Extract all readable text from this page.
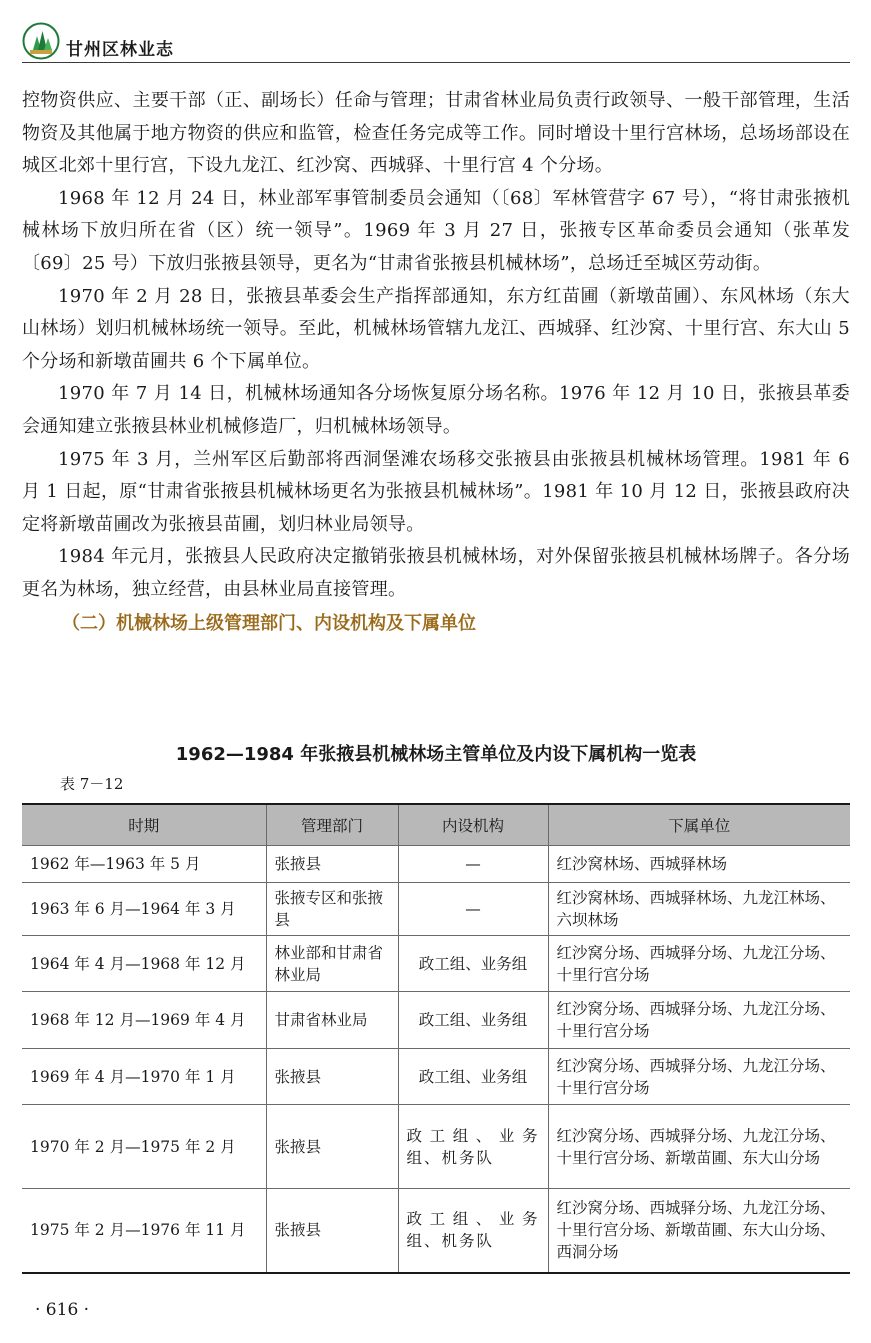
甘州区林业志

控物资供应、主要干部（正、副场长）任命与管理；甘肃省林业局负责行政领导、一般干部管理，生活物资及其他属于地方物资的供应和监管，检查任务完成等工作。同时增设十里行宫林场，总场场部设在城区北郊十里行宫，下设九龙江、红沙窝、西城驿、十里行宫 4 个分场。

1968 年 12 月 24 日，林业部军事管制委员会通知（〔68〕军林管营字 67 号），“将甘肃张掖机械林场下放归所在省（区）统一领导”。1969 年 3 月 27 日，张掖专区革命委员会通知（张革发〔69〕25 号）下放归张掖县领导，更名为“甘肃省张掖县机械林场”，总场迁至城区劳动街。

1970 年 2 月 28 日，张掖县革委会生产指挥部通知，东方红苗圃（新墩苗圃）、东风林场（东大山林场）划归机械林场统一领导。至此，机械林场管辖九龙江、西城驿、红沙窝、十里行宫、东大山 5 个分场和新墩苗圃共 6 个下属单位。

1970 年 7 月 14 日，机械林场通知各分场恢复原分场名称。1976 年 12 月 10 日，张掖县革委会通知建立张掖县林业机械修造厂，归机械林场领导。

1975 年 3 月，兰州军区后勤部将西洞堡滩农场移交张掖县由张掖县机械林场管理。1981 年 6 月 1 日起，原“甘肃省张掖县机械林场更名为张掖县机械林场”。1981 年 10 月 12 日，张掖县政府决定将新墩苗圃改为张掖县苗圃，划归林业局领导。

1984 年元月，张掖县人民政府决定撤销张掖县机械林场，对外保留张掖县机械林场牌子。各分场更名为林场，独立经营，由县林业局直接管理。

（二）机械林场上级管理部门、内设机构及下属单位

1962—1984 年张掖县机械林场主管单位及内设下属机构一览表
表 7－12
时期	管理部门	内设机构	下属单位
1962 年—1963 年 5 月	张掖县	—	红沙窝林场、西城驿林场
1963 年 6 月—1964 年 3 月	张掖专区和张掖县	—	红沙窝林场、西城驿林场、九龙江林场、六坝林场
1964 年 4 月—1968 年 12 月	林业部和甘肃省林业局	政工组、业务组	红沙窝分场、西城驿分场、九龙江分场、十里行宫分场
1968 年 12 月—1969 年 4 月	甘肃省林业局	政工组、业务组	红沙窝分场、西城驿分场、九龙江分场、十里行宫分场
1969 年 4 月—1970 年 1 月	张掖县	政工组、业务组	红沙窝分场、西城驿分场、九龙江分场、十里行宫分场
1970 年 2 月—1975 年 2 月	张掖县	政工组、业务组、机务队	红沙窝分场、西城驿分场、九龙江分场、十里行宫分场、新墩苗圃、东大山分场
1975 年 2 月—1976 年 11 月	张掖县	政工组、业务组、机务队	红沙窝分场、西城驿分场、九龙江分场、十里行宫分场、新墩苗圃、东大山分场、西洞分场
· 616 ·
